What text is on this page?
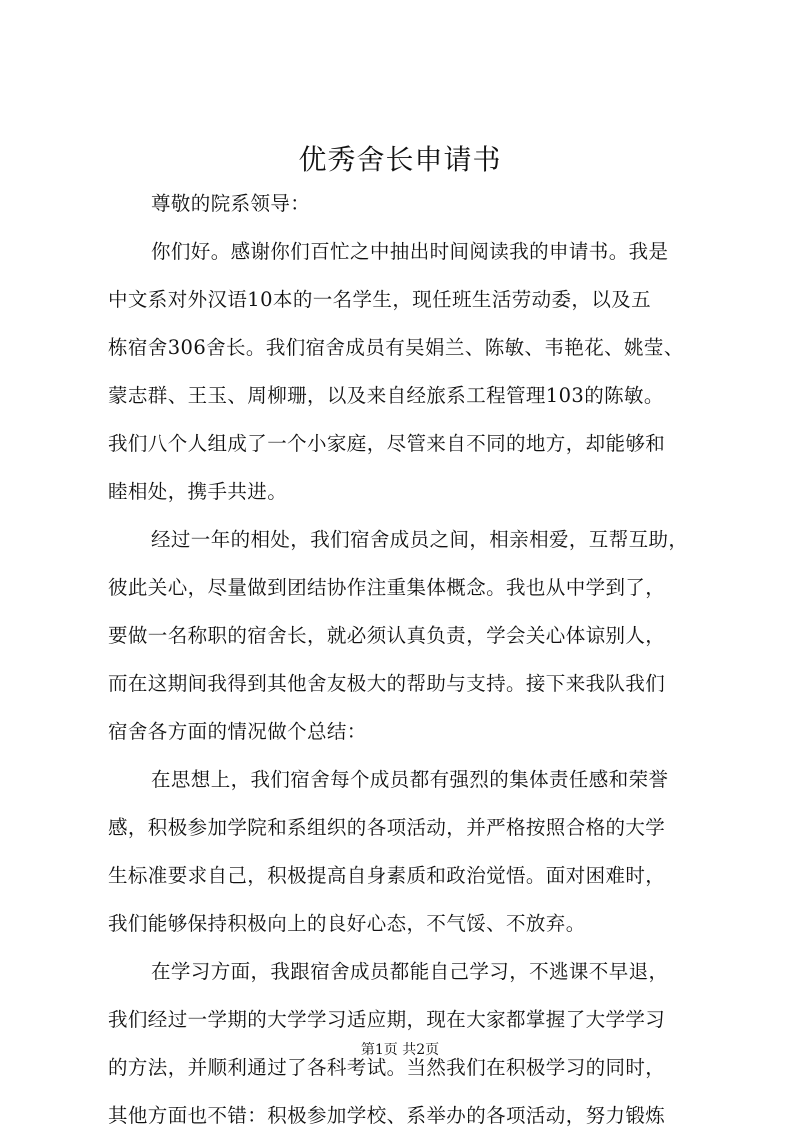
优秀舍长申请书
尊敬的院系领导：
你们好。感谢你们百忙之中抽出时间阅读我的申请书。我是
中文系对外汉语10本的一名学生，现任班生活劳动委，以及五
栋宿舍306舍长。我们宿舍成员有吴娟兰、陈敏、韦艳花、姚莹、
蒙志群、王玉、周柳珊，以及来自经旅系工程管理103的陈敏。
我们八个人组成了一个小家庭，尽管来自不同的地方，却能够和
睦相处，携手共进。
经过一年的相处，我们宿舍成员之间，相亲相爱，互帮互助，
彼此关心，尽量做到团结协作注重集体概念。我也从中学到了，
要做一名称职的宿舍长，就必须认真负责，学会关心体谅别人，
而在这期间我得到其他舍友极大的帮助与支持。接下来我队我们
宿舍各方面的情况做个总结：
在思想上，我们宿舍每个成员都有强烈的集体责任感和荣誉
感，积极参加学院和系组织的各项活动，并严格按照合格的大学
生标准要求自己，积极提高自身素质和政治觉悟。面对困难时，
我们能够保持积极向上的良好心态，不气馁、不放弃。
在学习方面，我跟宿舍成员都能自己学习，不逃课不早退，
我们经过一学期的大学学习适应期，现在大家都掌握了大学学习
的方法，并顺利通过了各科考试。当然我们在积极学习的同时，
其他方面也不错：积极参加学校、系举办的各项活动，努力锻炼
第1页 共2页
